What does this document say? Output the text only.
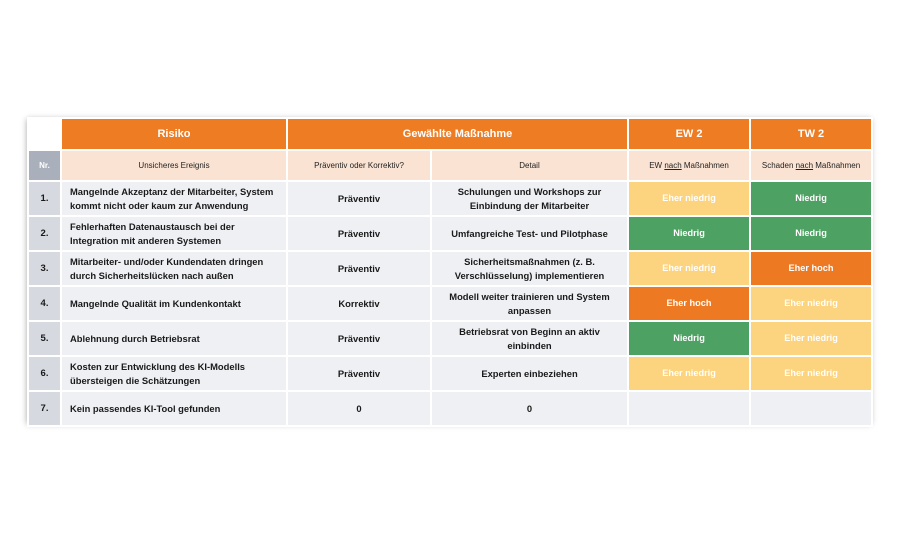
	Risiko	Gewählte Maßnahme		EW 2	TW 2
Nr.	Unsicheres Ereignis	Präventiv oder Korrektiv?	Detail	EW nach Maßnahmen	Schaden nach Maßnahmen
1.	Mangelnde Akzeptanz der Mitarbeiter, System kommt nicht oder kaum zur Anwendung	Präventiv	Schulungen und Workshops zur Einbindung der Mitarbeiter	Eher niedrig	Niedrig
2.	Fehlerhaften Datenaustausch bei der Integration mit anderen Systemen	Präventiv	Umfangreiche Test- und Pilotphase	Niedrig	Niedrig
3.	Mitarbeiter- und/oder Kundendaten dringen durch Sicherheitslücken nach außen	Präventiv	Sicherheitsmaßnahmen (z. B. Verschlüsselung) implementieren	Eher niedrig	Eher hoch
4.	Mangelnde Qualität im Kundenkontakt	Korrektiv	Modell weiter trainieren und System anpassen	Eher hoch	Eher niedrig
5.	Ablehnung durch Betriebsrat	Präventiv	Betriebsrat von Beginn an aktiv einbinden	Niedrig	Eher niedrig
6.	Kosten zur Entwicklung des KI-Modells übersteigen die Schätzungen	Präventiv	Experten einbeziehen	Eher niedrig	Eher niedrig
7.	Kein passendes KI-Tool gefunden	0	0		
